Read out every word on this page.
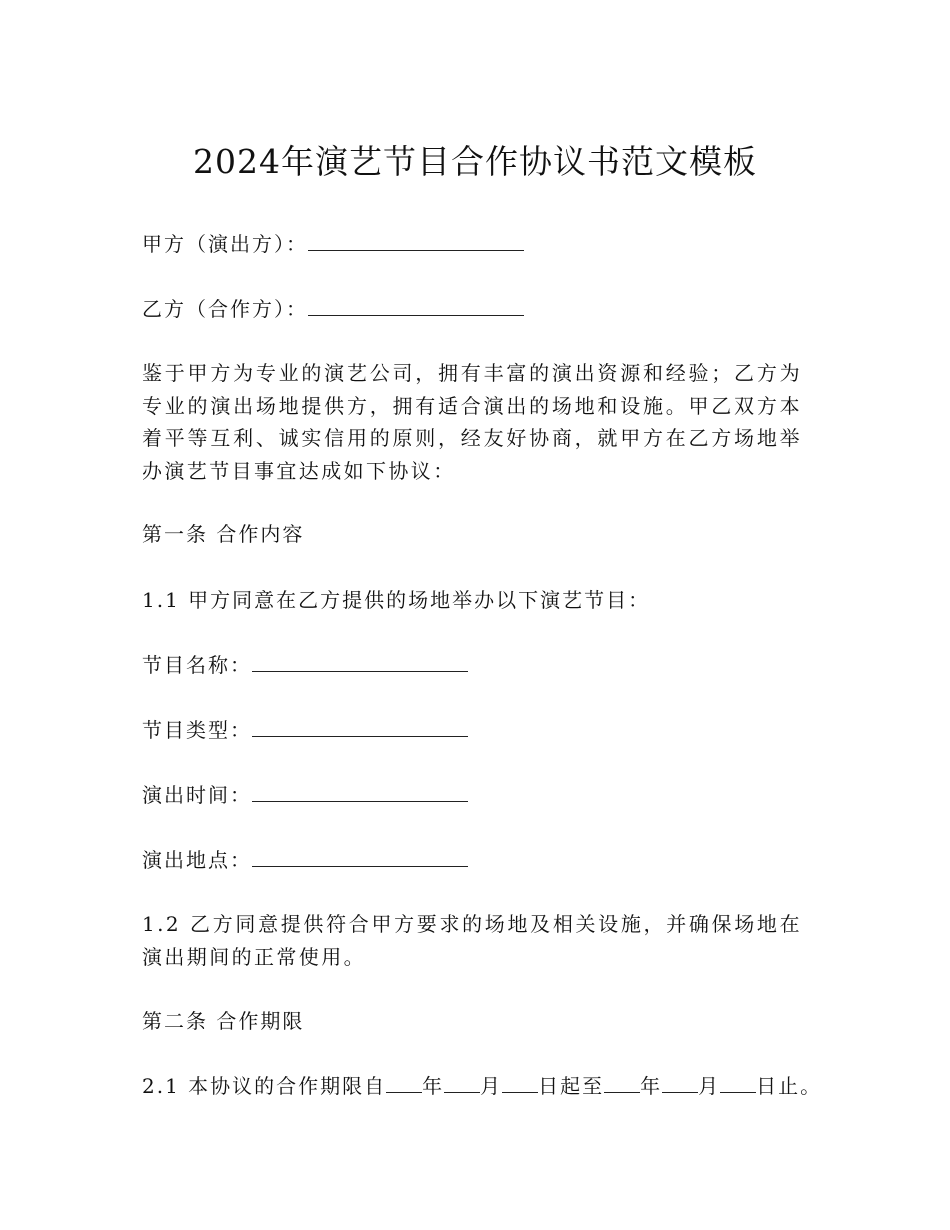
2024年演艺节目合作协议书范文模板

甲方（演出方）：

乙方（合作方）：

鉴于甲方为专业的演艺公司，拥有丰富的演出资源和经验；乙方为专业的演出场地提供方，拥有适合演出的场地和设施。甲乙双方本着平等互利、诚实信用的原则，经友好协商，就甲方在乙方场地举办演艺节目事宜达成如下协议：

第一条 合作内容

1.1 甲方同意在乙方提供的场地举办以下演艺节目：

节目名称：

节目类型：

演出时间：

演出地点：

1.2 乙方同意提供符合甲方要求的场地及相关设施，并确保场地在演出期间的正常使用。

第二条 合作期限

2.1 本协议的合作期限自 年 月 日起至 年 月 日止。
